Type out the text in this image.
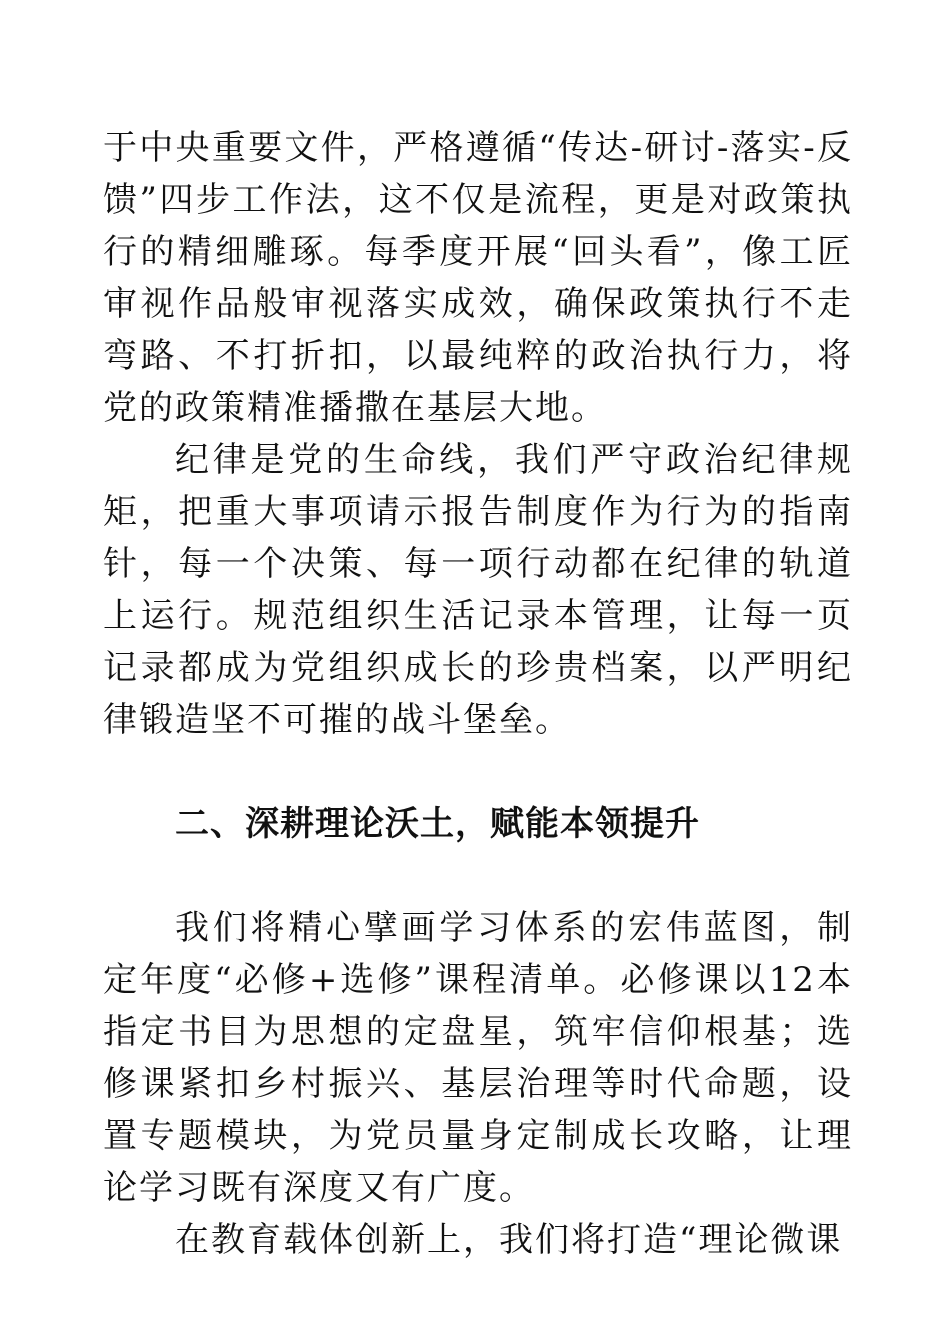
于中央重要文件，严格遵循“传达-研讨-落实-反馈”四步工作法，这不仅是流程，更是对政策执行的精细雕琢。每季度开展“回头看”，像工匠审视作品般审视落实成效，确保政策执行不走弯路、不打折扣，以最纯粹的政治执行力，将党的政策精准播撒在基层大地。

纪律是党的生命线，我们严守政治纪律规矩，把重大事项请示报告制度作为行为的指南针，每一个决策、每一项行动都在纪律的轨道上运行。规范组织生活记录本管理，让每一页记录都成为党组织成长的珍贵档案，以严明纪律锻造坚不可摧的战斗堡垒。

二、深耕理论沃土，赋能本领提升

我们将精心擘画学习体系的宏伟蓝图，制定年度“必修+选修”课程清单。必修课以12本指定书目为思想的定盘星，筑牢信仰根基；选修课紧扣乡村振兴、基层治理等时代命题，设置专题模块，为党员量身定制成长攻略，让理论学习既有深度又有广度。

在教育载体创新上，我们将打造“理论微课
